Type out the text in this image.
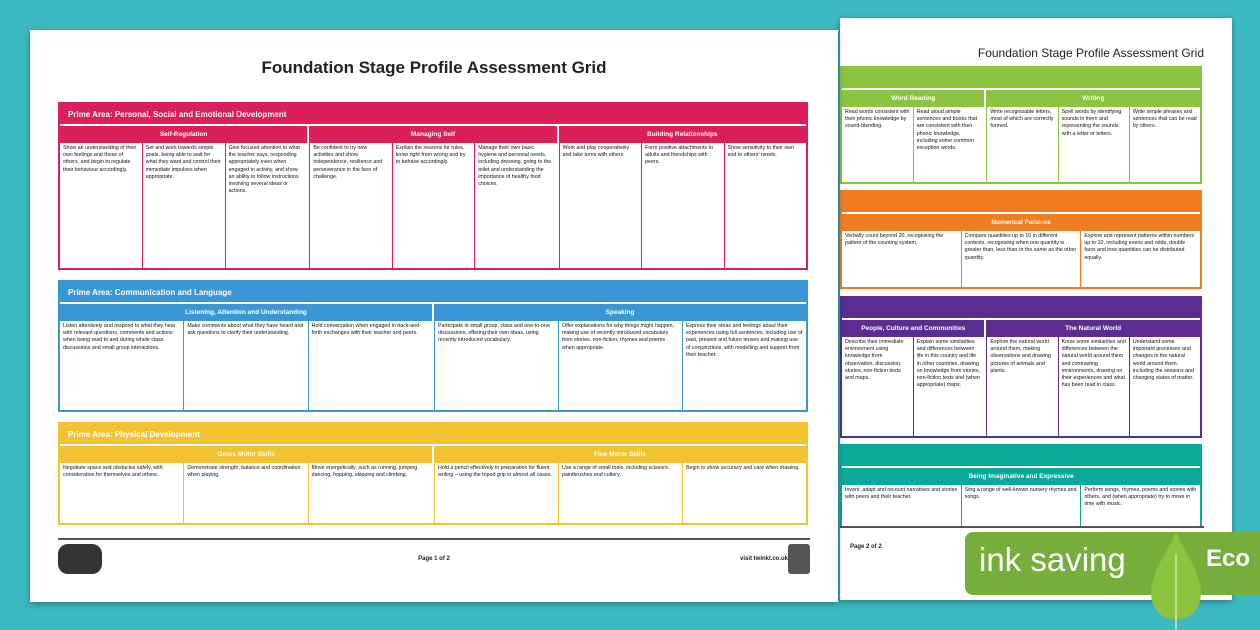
Foundation Stage Profile Assessment Grid
Word Reading
Read words consistent with their phonic knowledge by sound-blending.
Read aloud simple sentences and books that are consistent with their phonic knowledge, including some common exception words.
Writing
Write recognisable letters, most of which are correctly formed.
Spell words by identifying sounds in them and representing the sounds with a letter or letters.
Write simple phrases and sentences that can be read by others.
Numerical Patterns
Verbally count beyond 20, recognising the pattern of the counting system.
Compare quantities up to 10 in different contexts, recognising when one quantity is greater than, less than or the same as the other quantity.
Explore and represent patterns within numbers up to 10, including evens and odds, double facts and how quantities can be distributed equally.
People, Culture and Communities
Describe their immediate environment using knowledge from observation, discussion, stories, non-fiction texts and maps.
Explain some similarities and differences between life in this country and life in other countries, drawing on knowledge from stories, non-fiction texts and (when appropriate) maps.
The Natural World
Explore the natural world around them, making observations and drawing pictures of animals and plants.
Know some similarities and differences between the natural world around them and contrasting environments, drawing on their experiences and what has been read in class.
Understand some important processes and changes in the natural world around them, including the seasons and changing states of matter.
Being Imaginative and Expressive
Invent, adapt and recount narratives and stories with peers and their teacher.
Sing a range of well-known nursery rhymes and songs.
Perform songs, rhymes, poems and stories with others, and (when appropriate) try to move in time with music.
Page 2 of 2
Foundation Stage Profile Assessment Grid
Prime Area: Personal, Social and Emotional Development
Self-Regulation
Show an understanding of their own feelings and those of others, and begin to regulate their behaviour accordingly.
Set and work towards simple goals, being able to wait for what they want and control their immediate impulses when appropriate.
Give focused attention to what the teacher says, responding appropriately even when engaged in activity, and show an ability to follow instructions involving several ideas or actions.
Managing Self
Be confident to try new activities and show independence, resilience and perseverance in the face of challenge.
Explain the reasons for rules, know right from wrong and try to behave accordingly.
Manage their own basic hygiene and personal needs, including dressing, going to the toilet and understanding the importance of healthy food choices.
Building Relationships
Work and play cooperatively and take turns with others.
Form positive attachments to adults and friendships with peers.
Show sensitivity to their own and to others' needs.
Prime Area: Communication and Language
Listening, Attention and Understanding
Listen attentively and respond to what they hear with relevant questions, comments and actions when being read to and during whole class discussions and small group interactions.
Make comments about what they have heard and ask questions to clarify their understanding.
Hold conversation when engaged in back-and-forth exchanges with their teacher and peers.
Speaking
Participate in small group, class and one-to-one discussions, offering their own ideas, using recently introduced vocabulary.
Offer explanations for why things might happen, making use of recently introduced vocabulary from stories, non-fiction, rhymes and poems when appropriate.
Express their ideas and feelings about their experiences using full sentences, including use of past, present and future tenses and making use of conjunctions, with modelling and support from their teacher.
Prime Area: Physical Development
Gross Motor Skills
Negotiate space and obstacles safely, with consideration for themselves and others.
Demonstrate strength, balance and coordination when playing.
Move energetically, such as running, jumping, dancing, hopping, skipping and climbing.
Fine Motor Skills
Hold a pencil effectively in preparation for fluent writing – using the tripod grip in almost all cases.
Use a range of small tools, including scissors, paintbrushes and cutlery.
Begin to show accuracy and care when drawing.
Page 1 of 2	visit twinkl.co.uk	ink saving	Eco
